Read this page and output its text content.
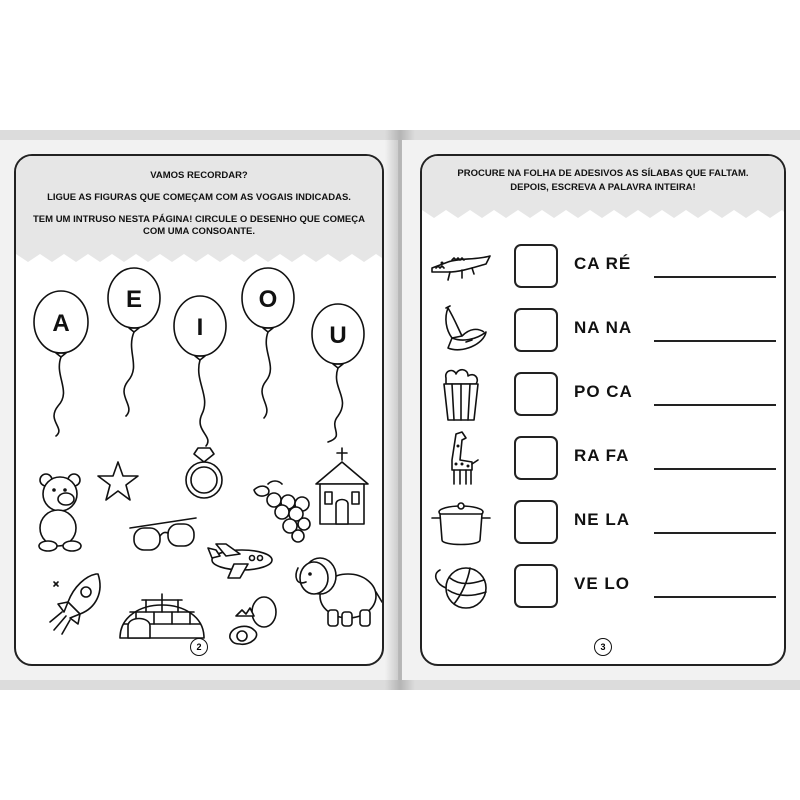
VAMOS RECORDAR?
LIGUE AS FIGURAS QUE COMEÇAM COM AS VOGAIS INDICADAS.
TEM UM INTRUSO NESTA PÁGINA! CIRCULE O DESENHO QUE COMEÇA COM UMA CONSOANTE.
A
E
I
O
U
2
PROCURE NA FOLHA DE ADESIVOS AS SÍLABAS QUE FALTAM.
DEPOIS, ESCREVA A PALAVRA INTEIRA!
CA RÉ
NA NA
PO CA
RA FA
NE LA
VE LO
3
